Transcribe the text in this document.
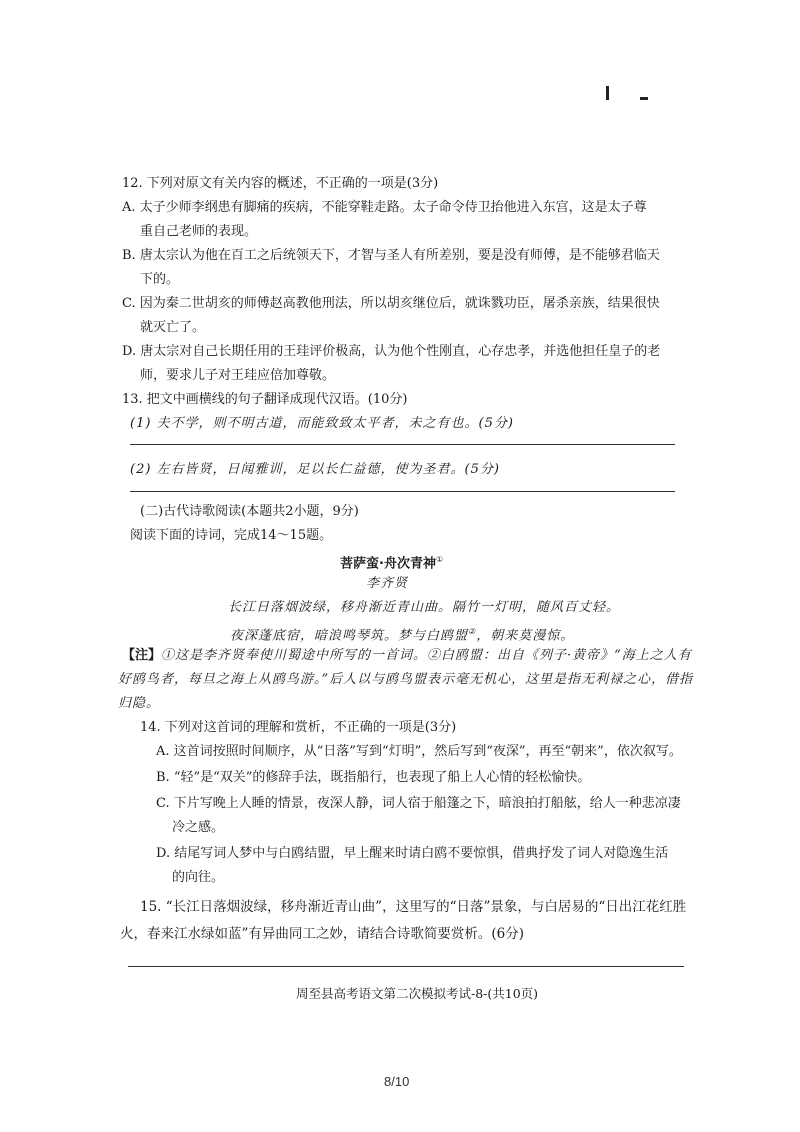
12. 下列对原文有关内容的概述，不正确的一项是(3分)
A. 太子少师李纲患有脚痛的疾病，不能穿鞋走路。太子命令侍卫抬他进入东宫，这是太子尊
重自己老师的表现。
B. 唐太宗认为他在百工之后统领天下，才智与圣人有所差别，要是没有师傅，是不能够君临天
下的。
C. 因为秦二世胡亥的师傅赵高教他刑法，所以胡亥继位后，就诛戮功臣，屠杀亲族，结果很快
就灭亡了。
D. 唐太宗对自己长期任用的王珪评价极高，认为他个性刚直，心存忠孝，并选他担任皇子的老
师，要求儿子对王珪应倍加尊敬。
13. 把文中画横线的句子翻译成现代汉语。(10分)
(1) 夫不学，则不明古道，而能致致太平者，未之有也。(5分)
(2) 左右皆贤，日闻雅训，足以长仁益德，使为圣君。(5分)
(二)古代诗歌阅读(本题共2小题，9分)
阅读下面的诗词，完成14～15题。
菩萨蛮·舟次青神①
李齐贤
长江日落烟波绿，移舟渐近青山曲。隔竹一灯明，随风百丈轻。
夜深蓬底宿，暗浪鸣琴筑。梦与白鸥盟②，朝来莫漫惊。
【注】①这是李齐贤奉使川蜀途中所写的一首词。②白鸥盟：出自《列子·黄帝》“海上之人有
好鸥鸟者，每旦之海上从鸥鸟游。”后人以与鸥鸟盟表示毫无机心，这里是指无利禄之心，借指
归隐。
14. 下列对这首词的理解和赏析，不正确的一项是(3分)
A. 这首词按照时间顺序，从“日落”写到“灯明”，然后写到“夜深”，再至“朝来”，依次叙写。
B. “轻”是“双关”的修辞手法，既指船行，也表现了船上人心情的轻松愉快。
C. 下片写晚上人睡的情景，夜深人静，词人宿于船篷之下，暗浪拍打船舷，给人一种悲凉凄
冷之感。
D. 结尾写词人梦中与白鸥结盟，早上醒来时请白鸥不要惊惧，借典抒发了词人对隐逸生活
的向往。
15. “长江日落烟波绿，移舟渐近青山曲”，这里写的“日落”景象，与白居易的“日出江花红胜
火，春来江水绿如蓝”有异曲同工之妙，请结合诗歌简要赏析。(6分)
周至县高考语文第二次模拟考试-8-(共10页)
8/10
